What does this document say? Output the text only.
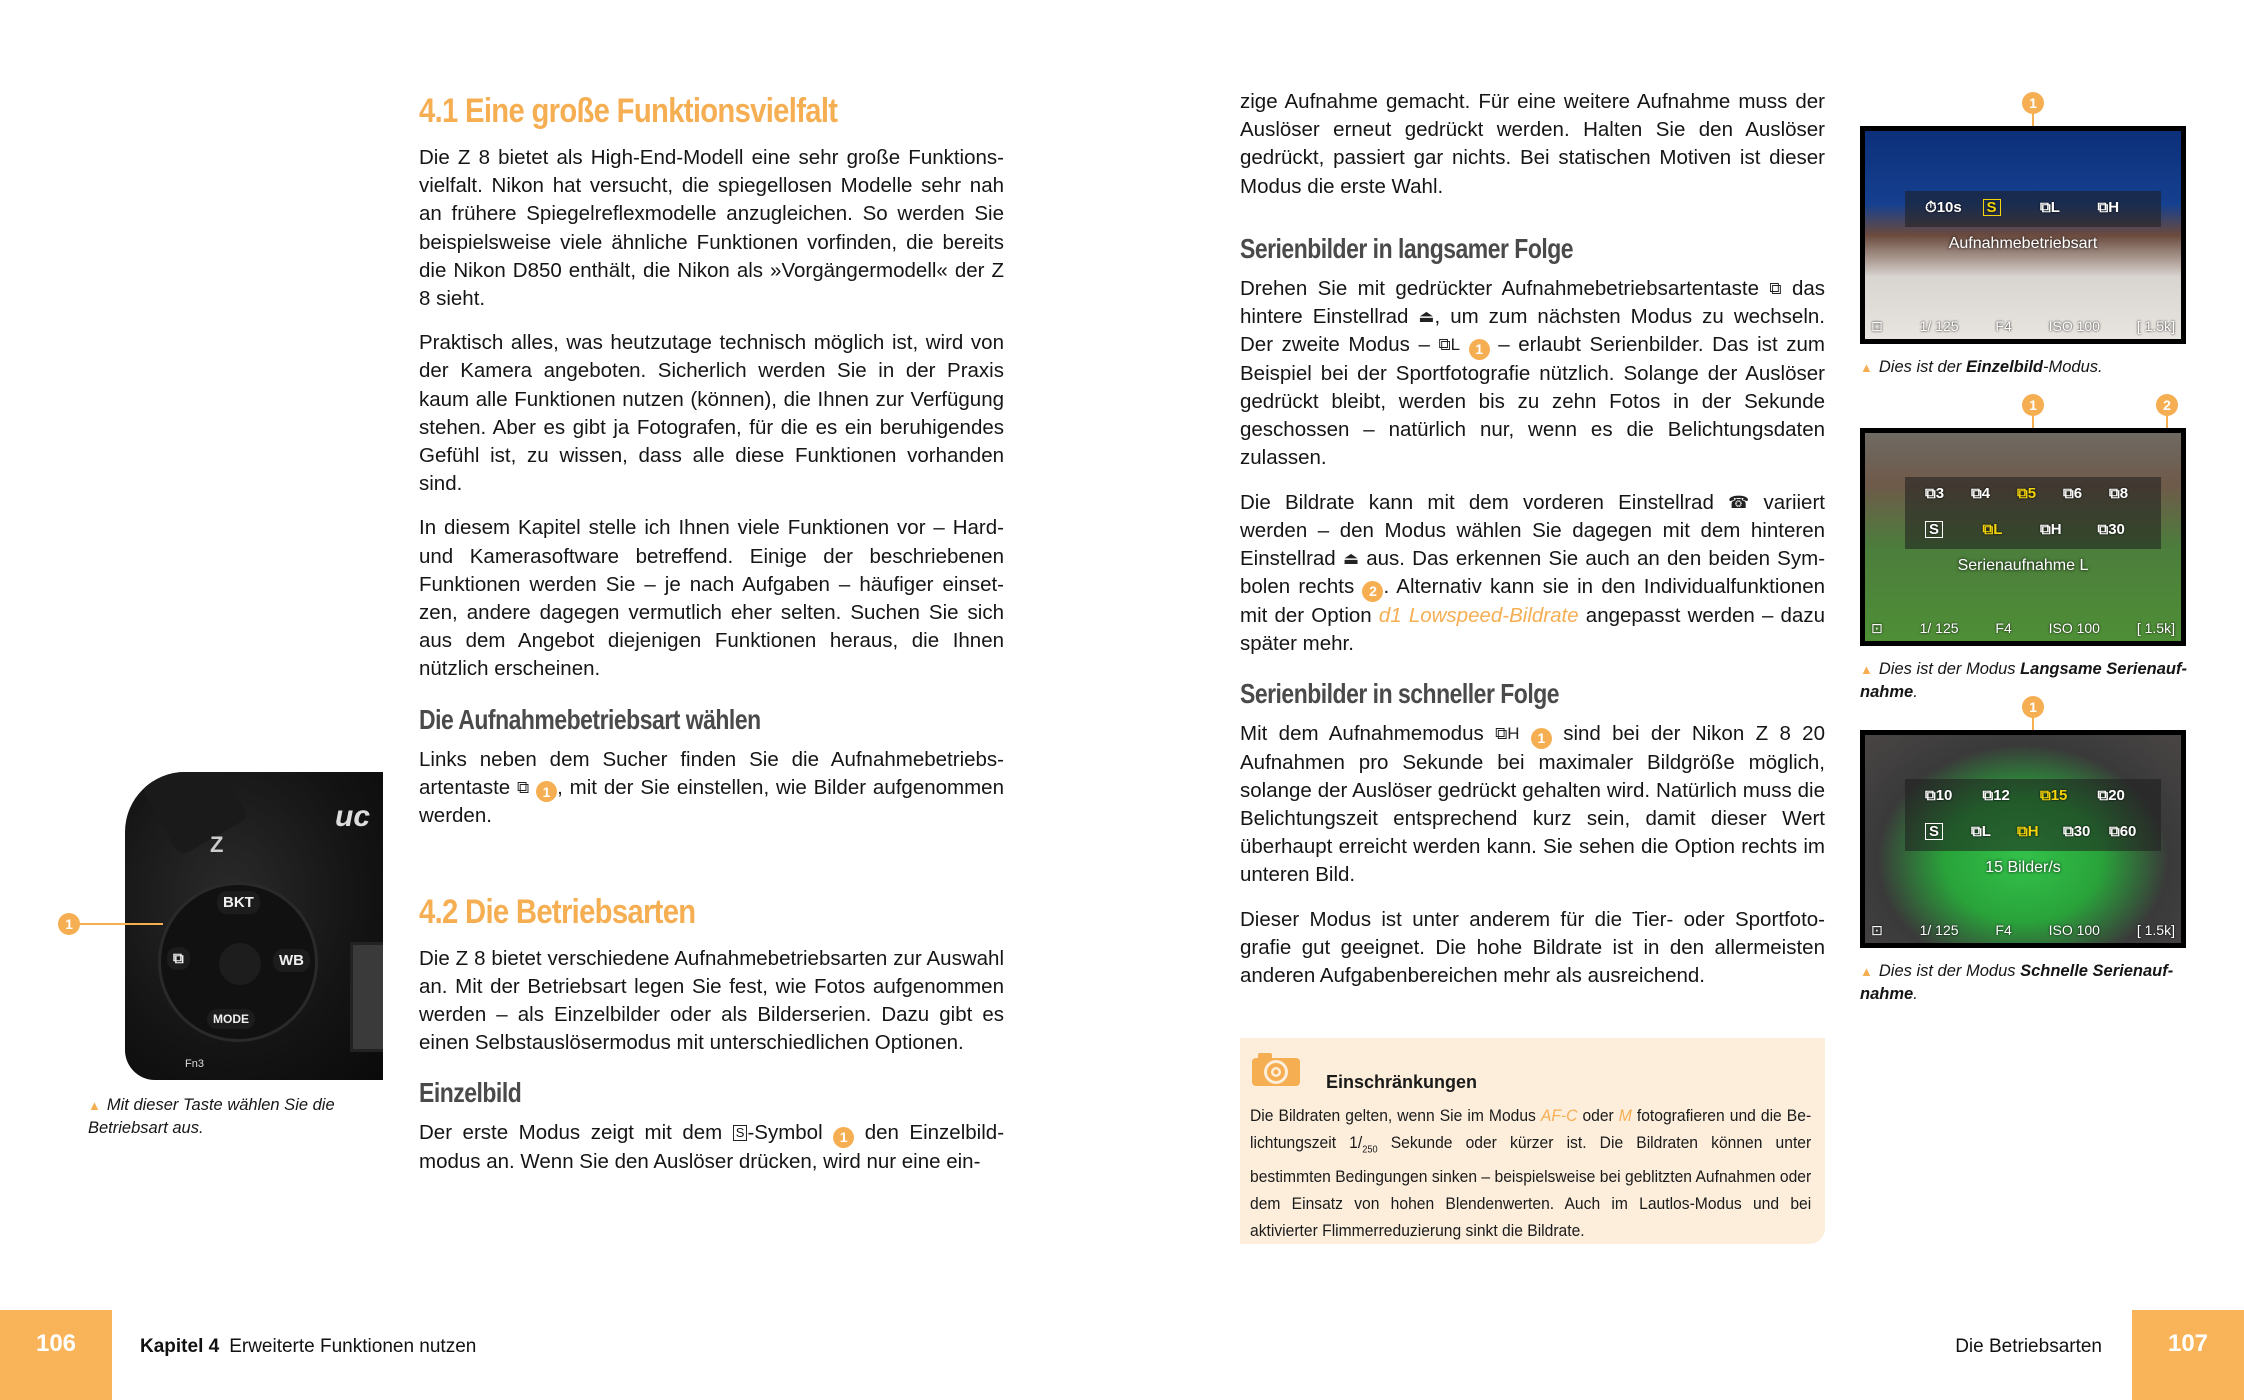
4.1 Eine große Funktionsvielfalt

Die Z 8 bietet als High-End-Modell eine sehr große Funktionsvielfalt. Nikon hat versucht, die spiegellosen Modelle sehr nah an frühere Spiegelreflexmodelle anzugleichen. So werden Sie beispielsweise viele ähnliche Funktionen vorfinden, die bereits die Nikon D850 enthält, die Nikon als »Vorgängermodell« der Z 8 sieht.

Praktisch alles, was heutzutage technisch möglich ist, wird von der Kamera angeboten. Sicherlich werden Sie in der Praxis kaum alle Funktionen nutzen (können), die Ihnen zur Verfügung stehen. Aber es gibt ja Fotografen, für die es ein beruhigendes Gefühl ist, zu wissen, dass alle diese Funktionen vorhanden sind.

In diesem Kapitel stelle ich Ihnen viele Funktionen vor – Hard- und Kamerasoftware betreffend. Einige der beschriebenen Funktionen werden Sie – je nach Aufgaben – häufiger einsetzen, andere dagegen vermutlich eher selten. Suchen Sie sich aus dem Angebot diejenigen Funktionen heraus, die Ihnen nützlich erscheinen.

Die Aufnahmebetriebsart wählen

Links neben dem Sucher finden Sie die Aufnahmebetriebsartentaste ⧉ 1 , mit der Sie einstellen, wie Bilder aufgenommen werden.

4.2 Die Betriebsarten

Die Z 8 bietet verschiedene Aufnahmebetriebsarten zur Auswahl an. Mit der Betriebsart legen Sie fest, wie Fotos aufgenommen werden – als Einzelbilder oder als Bilderserien. Dazu gibt es einen Selbstauslösermodus mit unterschiedlichen Optionen.

Einzelbild

Der erste Modus zeigt mit dem S -Symbol 1 den Einzelbildmodus an. Wenn Sie den Auslöser drücken, wird nur eine ein-

Z
uc
BKT
WB
MODE
⧉
Fn3
1
▲ Mit dieser Taste wählen Sie die Betriebsart aus.
106	Kapitel 4 Erweiterte Funktionen nutzen

zige Aufnahme gemacht. Für eine weitere Aufnahme muss der Auslöser erneut gedrückt werden. Halten Sie den Auslöser gedrückt, passiert gar nichts. Bei statischen Motiven ist dieser Modus die erste Wahl.

Serienbilder in langsamer Folge

Drehen Sie mit gedrückter Aufnahmebetriebsartentaste ⧉ das hintere Einstellrad ⏏, um zum nächsten Modus zu wechseln. Der zweite Modus – ⧉L 1 – erlaubt Serienbilder. Das ist zum Beispiel bei der Sportfotografie nützlich. Solange der Auslöser gedrückt bleibt, werden bis zu zehn Fotos in der Sekunde geschossen – natürlich nur, wenn es die Belichtungsdaten zulassen.

Die Bildrate kann mit dem vorderen Einstellrad ☎ variiert werden – den Modus wählen Sie dagegen mit dem hinteren Einstellrad ⏏ aus. Das erkennen Sie auch an den beiden Symbolen rechts 2 . Alternativ kann sie in den Individualfunktionen mit der Option d1 Lowspeed-Bildrate angepasst werden – dazu später mehr.

Serienbilder in schneller Folge

Mit dem Aufnahmemodus ⧉H 1 sind bei der Nikon Z 8 20 Aufnahmen pro Sekunde bei maximaler Bildgröße möglich, solange der Auslöser gedrückt gehalten wird. Natürlich muss die Belichtungszeit entsprechend kurz sein, damit dieser Wert überhaupt erreicht werden kann. Sie sehen die Option rechts im unteren Bild.

Dieser Modus ist unter anderem für die Tier- oder Sportfotografie gut geeignet. Die hohe Bildrate ist in den allermeisten anderen Aufgabenbereichen mehr als ausreichend.

Einschränkungen
Die Bildraten gelten, wenn Sie im Modus AF-C oder M fotografieren und die Belichtungszeit $1/_{250}$ Sekunde oder kürzer ist. Die Bildraten können unter bestimmten Bedingungen sinken – beispielsweise bei geblitzten Aufnahmen oder dem Einsatz von hohen Blendenwerten. Auch im Lautlos-Modus und bei aktivierter Flimmerreduzierung sinkt die Bildrate.
1
⏱10s S	⧉L	⧉H
Aufnahmebetriebsart
⊡	1/ 125	F4	ISO 100	[ 1.5k]
▲ Dies ist der Einzelbild-Modus.
1	2
⧉3 ⧉4 ⧉5 ⧉6 ⧉8
S	⧉L	⧉H ⧉30
Serienaufnahme L
⊡	1/ 125	F4	ISO 100	[ 1.5k]
▲ Dies ist der Modus Langsame Serienaufnahme.
1
⧉10 ⧉12 ⧉15 ⧉20
S ⧉L ⧉H ⧉30 ⧉60
15 Bilder/s
⊡	1/ 125	F4	ISO 100	[ 1.5k]
▲ Dies ist der Modus Schnelle Serienaufnahme.
Die Betriebsarten	107
